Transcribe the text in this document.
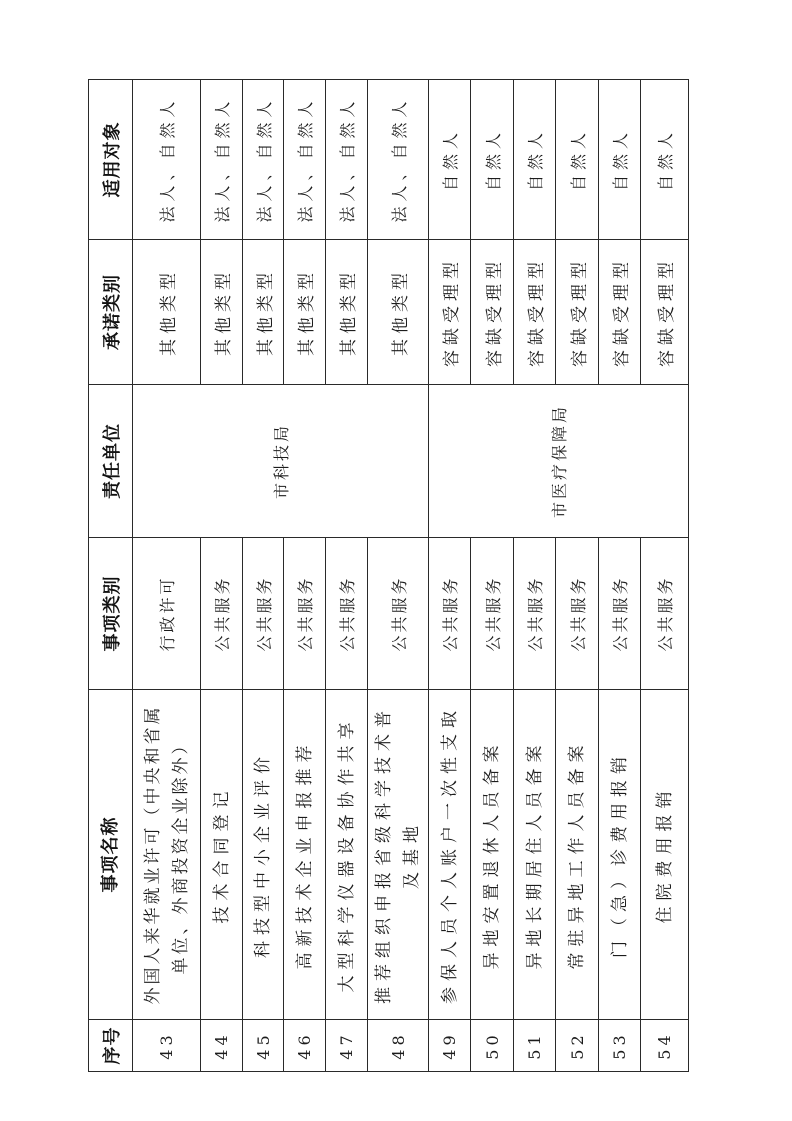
序号	事项名称	事项类别	责任单位	承诺类别	适用对象
43	外国人来华就业许可（中央和省属单位、外商投资企业除外）	行政许可	市科技局	其他类型	法人、自然人
44	技术合同登记	公共服务		其他类型	法人、自然人
45	科技型中小企业评价	公共服务		其他类型	法人、自然人
46	高新技术企业申报推荐	公共服务		其他类型	法人、自然人
47	大型科学仪器设备协作共享	公共服务		其他类型	法人、自然人
48	推荐组织申报省级科学技术普及基地	公共服务		其他类型	法人、自然人
49	参保人员个人账户一次性支取	公共服务	市医疗保障局	容缺受理型	自然人
50	异地安置退休人员备案	公共服务		容缺受理型	自然人
51	异地长期居住人员备案	公共服务		容缺受理型	自然人
52	常驻异地工作人员备案	公共服务		容缺受理型	自然人
53	门（急）诊费用报销	公共服务		容缺受理型	自然人
54	住院费用报销	公共服务		容缺受理型	自然人
